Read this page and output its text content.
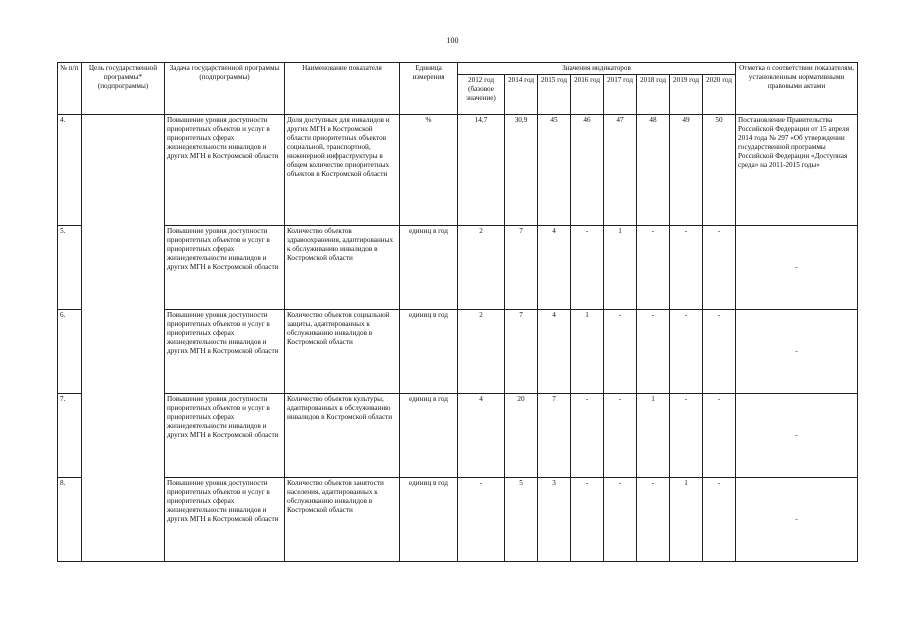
100
№ п/п	Цель государственной программы* (подпрограммы)	Задача государственной программы (подпрограммы)	Наименование показателя	Единица измерения	Значения индикаторов								Отметка о соответствии показателям, установленным нормативными правовыми актами
					2012 год (базовое значение)	2014 год	2015 год	2016 год	2017 год	2018 год	2019 год	2020 год	
4.		Повышение уровня доступности приоритетных объектов и услуг в приоритетных сферах жизнедеятельности инвалидов и других МГН в Костромской области	Доля доступных для инвалидов и других МГН в Костромской области приоритетных объектов социальной, транспортной, инженерной инфраструктуры в общем количестве приоритетных объектов в Костромской области	%	14,7	30,9	45	46	47	48	49	50	Постановление Правительства Российской Федерации от 15 апреля 2014 года № 297 «Об утверждении государственной программы Российской Федерации «Доступная среда» на 2011-2015 годы»
5.		Повышение уровня доступности приоритетных объектов и услуг в приоритетных сферах жизнедеятельности инвалидов и других МГН в Костромской области	Количество объектов здравоохранения, адаптированных к обслуживанию инвалидов в Костромской области	единиц в год	2	7	4	-	1	-	-	-	-
6.		Повышение уровня доступности приоритетных объектов и услуг в приоритетных сферах жизнедеятельности инвалидов и других МГН в Костромской области	Количество объектов социальной защиты, адаптированных к обслуживанию инвалидов в Костромской области	единиц в год	2	7	4	1	-	-	-	-	-
7.		Повышение уровня доступности приоритетных объектов и услуг в приоритетных сферах жизнедеятельности инвалидов и других МГН в Костромской области	Количество объектов культуры, адаптированных к обслуживанию инвалидов в Костромской области	единиц в год	4	20	7	-	-	1	-	-	-
8.		Повышение уровня доступности приоритетных объектов и услуг в приоритетных сферах жизнедеятельности инвалидов и других МГН в Костромской области	Количество объектов занятости населения, адаптированных к обслуживанию инвалидов в Костромской области	единиц в год	-	5	3	-	-	-	1	-	-
